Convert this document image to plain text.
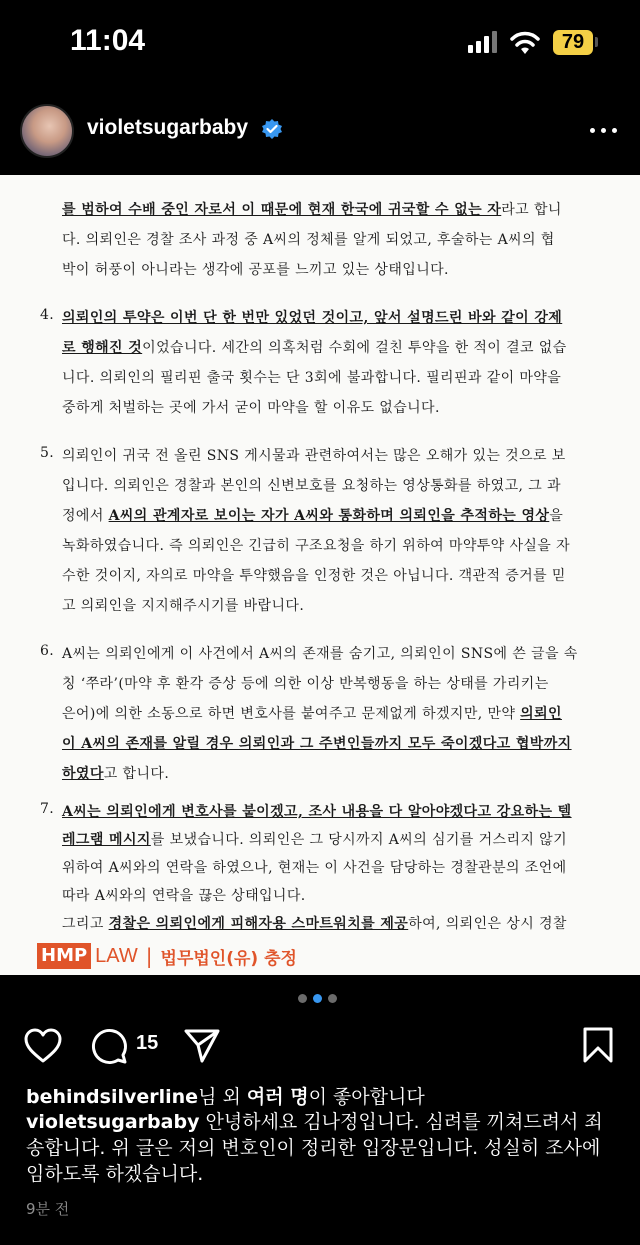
11:04	79
violetsugarbaby
를 범하여 수배 중인 자로서 이 때문에 현재 한국에 귀국할 수 없는 자라고 합니
다. 의뢰인은 경찰 조사 과정 중 A씨의 정체를 알게 되었고, 후술하는 A씨의 협
박이 허풍이 아니라는 생각에 공포를 느끼고 있는 상태입니다.
4. 의뢰인의 투약은 이번 단 한 번만 있었던 것이고, 앞서 설명드린 바와 같이 강제
로 행해진 것이었습니다. 세간의 의혹처럼 수회에 걸친 투약을 한 적이 결코 없습
니다. 의뢰인의 필리핀 출국 횟수는 단 3회에 불과합니다. 필리핀과 같이 마약을
중하게 처벌하는 곳에 가서 굳이 마약을 할 이유도 없습니다.
5. 의뢰인이 귀국 전 올린 SNS 게시물과 관련하여서는 많은 오해가 있는 것으로 보
입니다. 의뢰인은 경찰과 본인의 신변보호를 요청하는 영상통화를 하였고, 그 과
정에서 A씨의 관계자로 보이는 자가 A씨와 통화하며 의뢰인을 추적하는 영상을
녹화하였습니다. 즉 의뢰인은 긴급히 구조요청을 하기 위하여 마약투약 사실을 자
수한 것이지, 자의로 마약을 투약했음을 인정한 것은 아닙니다. 객관적 증거를 믿
고 의뢰인을 지지해주시기를 바랍니다.
6. A씨는 의뢰인에게 이 사건에서 A씨의 존재를 숨기고, 의뢰인이 SNS에 쓴 글을 속
칭 ‘쭈라’(마약 후 환각 증상 등에 의한 이상 반복행동을 하는 상태를 가리키는
은어)에 의한 소동으로 하면 변호사를 붙여주고 문제없게 하겠지만, 만약 의뢰인
이 A씨의 존재를 알릴 경우 의뢰인과 그 주변인들까지 모두 죽이겠다고 협박까지
하였다고 합니다.
7. A씨는 의뢰인에게 변호사를 붙이겠고, 조사 내용을 다 알아야겠다고 강요하는 텔
레그램 메시지를 보냈습니다. 의뢰인은 그 당시까지 A씨의 심기를 거스리지 않기
HMP LAW | 법무법인(유) 충정
위하여 A씨와의 연락을 하였으나, 현재는 이 사건을 담당하는 경찰관분의 조언에
따라 A씨와의 연락을 끊은 상태입니다.
그리고 경찰은 의뢰인에게 피해자용 스마트워치를 제공하여, 의뢰인은 상시 경찰
15
behindsilverline님 외 여러 명이 좋아합니다
violetsugarbaby 안녕하세요 김나정입니다. 심려를 끼쳐드려서 죄송합니다. 위 글은 저의 변호인이 정리한 입장문입니다. 성실히 조사에 임하도록 하겠습니다.
9분 전
